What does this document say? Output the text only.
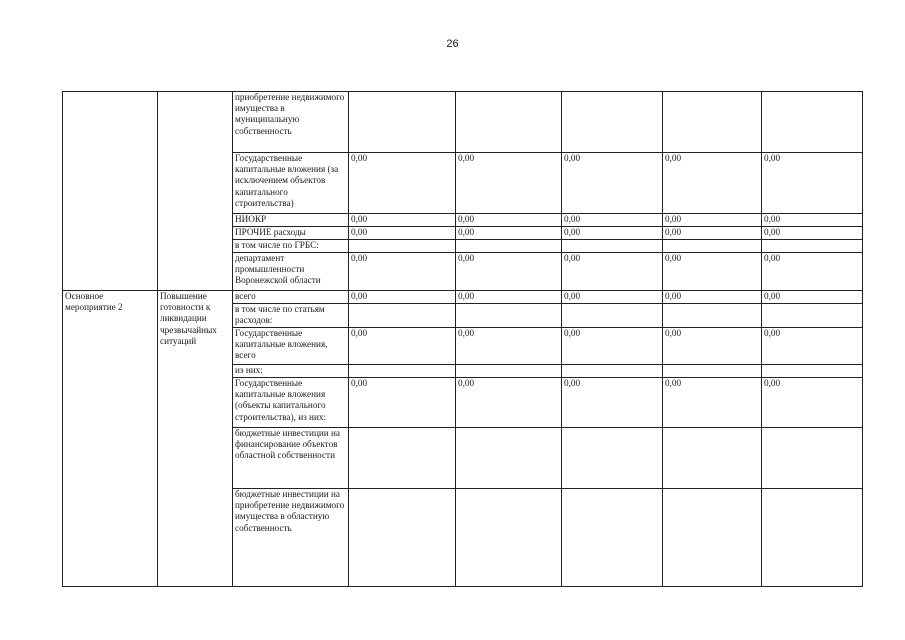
26
		приобретение недвижимого имущества в муниципальную собственность					
		Государственные капитальные вложения (за исключением объектов капитального строительства)	0,00	0,00	0,00	0,00	0,00
		НИОКР	0,00	0,00	0,00	0,00	0,00
		ПРОЧИЕ расходы	0,00	0,00	0,00	0,00	0,00
		в том числе по ГРБС:					
		департамент промышленности Воронежской области	0,00	0,00	0,00	0,00	0,00
Основное мероприятие 2	Повышение готовности к ликвидации чрезвычайных ситуаций	всего	0,00	0,00	0,00	0,00	0,00
		в том числе по статьям расходов:					
		Государственные капитальные вложения, всего	0,00	0,00	0,00	0,00	0,00
		из них:					
		Государственные капитальные вложения (объекты капитального строительства), из них:	0,00	0,00	0,00	0,00	0,00
		бюджетные инвестиции на финансирование объектов областной собственности					
		бюджетные инвестиции на приобретение недвижимого имущества в областную собственность					
